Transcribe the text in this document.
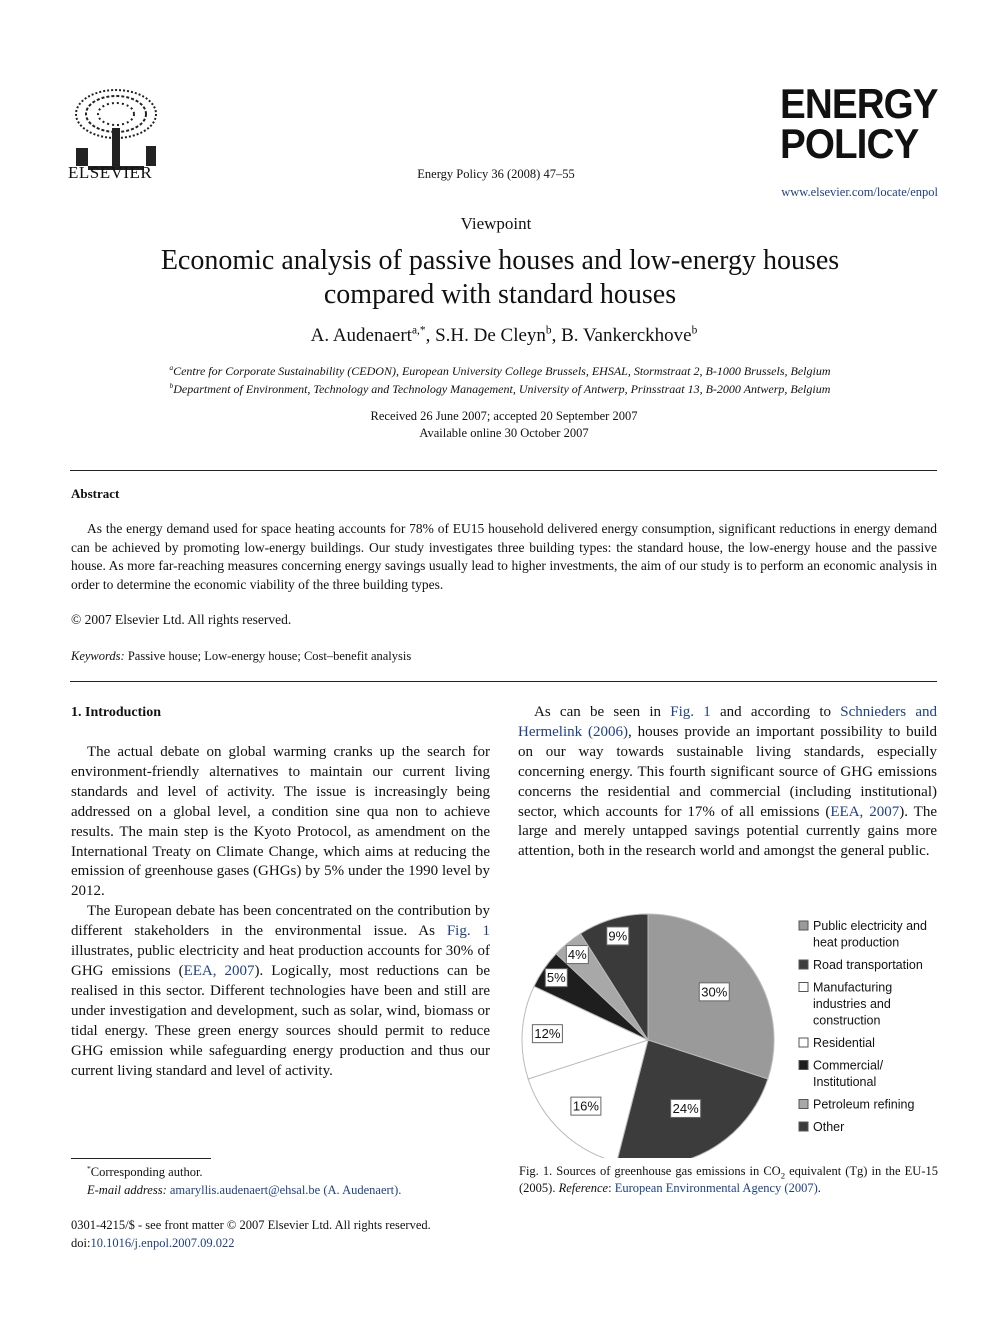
ELSEVIER	Energy Policy 36 (2008) 47–55
ENERGY
POLICY
www.elsevier.com/locate/enpol
Viewpoint
Economic analysis of passive houses and low-energy houses compared with standard houses
A. Audenaert$^{a,*}$, S.H. De Cleyn$^b$, B. Vankerckhove$^b$
$^a$Centre for Corporate Sustainability (CEDON), European University College Brussels, EHSAL, Stormstraat 2, B-1000 Brussels, Belgium
$^b$Department of Environment, Technology and Technology Management, University of Antwerp, Prinsstraat 13, B-2000 Antwerp, Belgium
Received 26 June 2007; accepted 20 September 2007
Available online 30 October 2007
Abstract
As the energy demand used for space heating accounts for 78% of EU15 household delivered energy consumption, significant reductions in energy demand can be achieved by promoting low-energy buildings. Our study investigates three building types: the standard house, the low-energy house and the passive house. As more far-reaching measures concerning energy savings usually lead to higher investments, the aim of our study is to perform an economic analysis in order to determine the economic viability of the three building types.
© 2007 Elsevier Ltd. All rights reserved.
Keywords: Passive house; Low-energy house; Cost–benefit analysis
1. Introduction

The actual debate on global warming cranks up the search for environment-friendly alternatives to maintain our current living standards and level of activity. The issue is increasingly being addressed on a global level, a condition sine qua non to achieve results. The main step is the Kyoto Protocol, as amendment on the International Treaty on Climate Change, which aims at reducing the emission of greenhouse gases (GHGs) by 5% under the 1990 level by 2012.

The European debate has been concentrated on the contribution by different stakeholders in the environmental issue. As Fig. 1 illustrates, public electricity and heat production accounts for 30% of GHG emissions (EEA, 2007). Logically, most reductions can be realised in this sector. Different technologies have been and still are under investigation and development, such as solar, wind, biomass or tidal energy. These green energy sources should permit to reduce GHG emission while safeguarding energy production and thus our current living standard and level of activity.

As can be seen in Fig. 1 and according to Schnieders and Hermelink (2006), houses provide an important possibility to build on our way towards sustainable living standards, especially concerning energy. This fourth significant source of GHG emissions concerns the residential and commercial (including institutional) sector, which accounts for 17% of all emissions (EEA, 2007). The large and merely untapped savings potential currently gains more attention, both in the research world and amongst the general public.

30%
24%
16%
12%
5%
4%
9%
Public electricity and
heat production
Road transportation
Manufacturing
industries and
construction
Residential
Commercial/
Institutional
Petroleum refining
Other
Fig. 1. Sources of greenhouse gas emissions in $CO_2$ equivalent (Tg) in the EU-15 (2005). Reference: European Environmental Agency (2007).
*Corresponding author.
E-mail address: amaryllis.audenaert@ehsal.be (A. Audenaert).
0301-4215/$ - see front matter © 2007 Elsevier Ltd. All rights reserved.
doi:10.1016/j.enpol.2007.09.022
